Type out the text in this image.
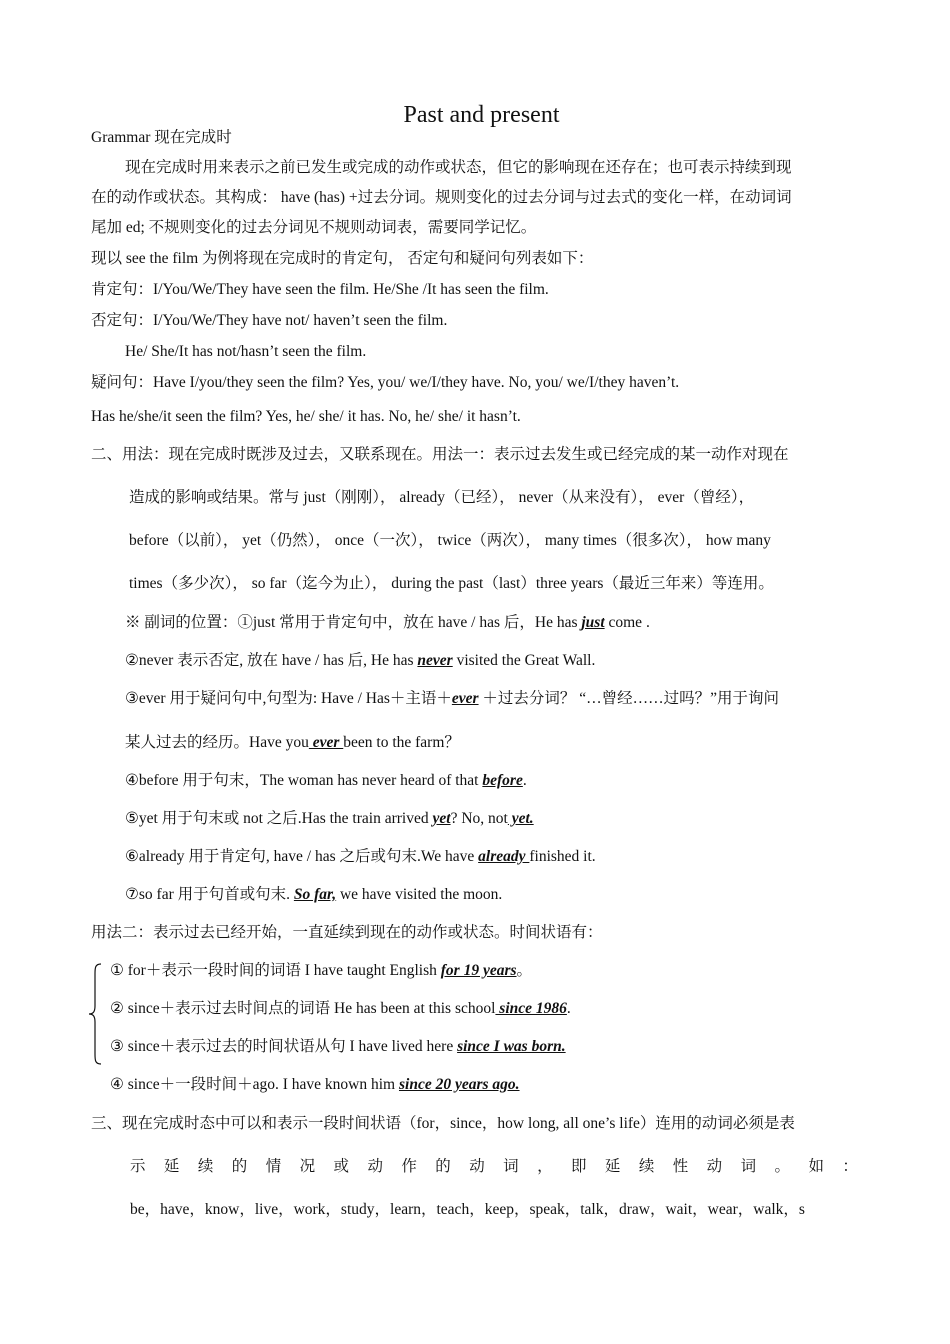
Past and present
Grammar 现在完成时
现在完成时用来表示之前已发生或完成的动作或状态，但它的影响现在还存在；也可表示持续到现
在的动作或状态。其构成： have (has) +过去分词。规则变化的过去分词与过去式的变化一样，在动词词
尾加 ed; 不规则变化的过去分词见不规则动词表，需要同学记忆。
现以 see the film 为例将现在完成时的肯定句， 否定句和疑问句列表如下：
肯定句：I/You/We/They have seen the film. He/She /It has seen the film.
否定句：I/You/We/They have not/ haven’t seen the film.
He/ She/It has not/hasn’t seen the film.
疑问句：Have I/you/they seen the film? Yes, you/ we/I/they have. No, you/ we/I/they haven’t.
Has he/she/it seen the film? Yes, he/ she/ it has. No, he/ she/ it hasn’t.
二、用法：现在完成时既涉及过去，又联系现在。用法一：表示过去发生或已经完成的某一动作对现在
造成的影响或结果。常与 just（刚刚）， already（已经）， never（从来没有）， ever（曾经），
before（以前）， yet（仍然）， once（一次）， twice（两次）， many times（很多次）， how many
times（多少次）， so far（迄今为止）， during the past（last）three years（最近三年来）等连用。
※ 副词的位置：①just 常用于肯定句中，放在 have / has 后，He has just come .
②never 表示否定, 放在 have / has 后, He has never visited the Great Wall.
③ever 用于疑问句中,句型为: Have / Has＋主语＋ever ＋过去分词？ “…曾经……过吗？”用于询问
某人过去的经历。Have you ever been to the farm？
④before 用于句末，The woman has never heard of that before.
⑤yet 用于句末或 not 之后.Has the train arrived yet? No, not yet.
⑥already 用于肯定句, have / has 之后或句末.We have already finished it.
⑦so far 用于句首或句末. So far, we have visited the moon.
用法二：表示过去已经开始，一直延续到现在的动作或状态。时间状语有：
① for＋表示一段时间的词语 I have taught English for 19 years。
② since＋表示过去时间点的词语 He has been at this school since 1986.
③ since＋表示过去的时间状语从句 I have lived here since I was born.
④ since＋一段时间＋ago. I have known him since 20 years ago.
三、现在完成时态中可以和表示一段时间状语（for，since，how long, all one’s life）连用的动词必须是表
示 延 续 的 情 况 或 动 作 的 动 词 ， 即 延 续 性 动 词 。 如 ：
be，have，know，live，work，study，learn，teach，keep，speak，talk，draw，wait，wear，walk，s
